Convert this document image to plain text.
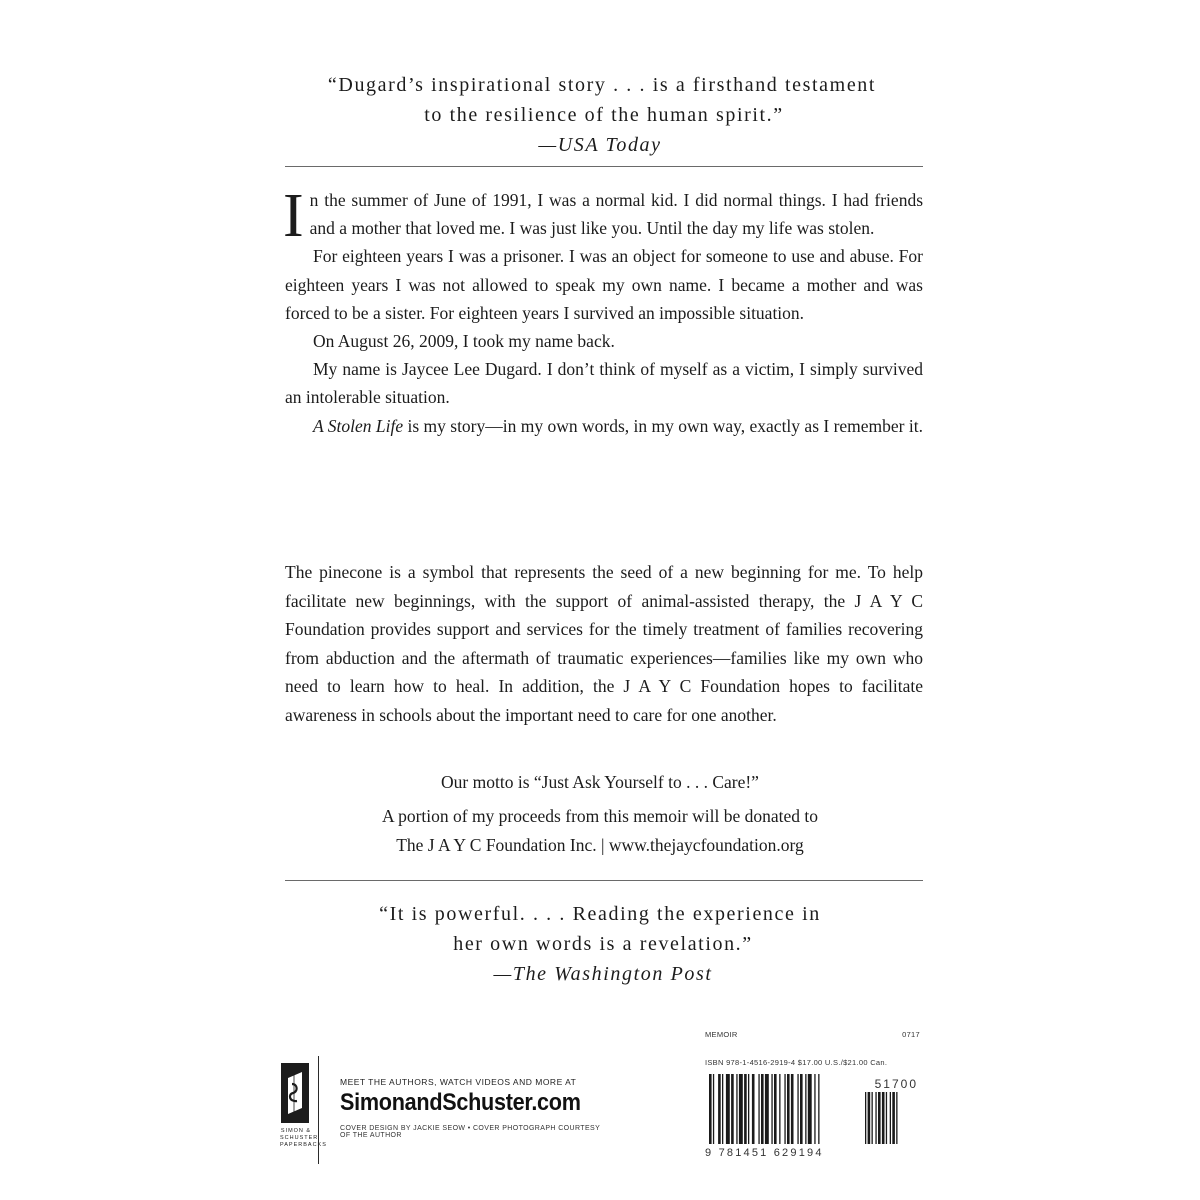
“Dugard’s inspirational story . . . is a firsthand testament
to the resilience of the human spirit.”
—USA Today

In the summer of June of 1991, I was a normal kid. I did normal things. I had friends and a mother that loved me. I was just like you. Until the day my life was stolen.

For eighteen years I was a prisoner. I was an object for someone to use and abuse. For eighteen years I was not allowed to speak my own name. I became a mother and was forced to be a sister. For eighteen years I survived an impossible situation.

On August 26, 2009, I took my name back.

My name is Jaycee Lee Dugard. I don’t think of myself as a victim, I simply survived an intolerable situation.

A Stolen Life is my story—in my own words, in my own way, exactly as I remember it.

The pinecone is a symbol that represents the seed of a new beginning for me. To help facilitate new beginnings, with the support of animal-assisted therapy, the J A Y C Foundation provides support and services for the timely treatment of families recovering from abduction and the aftermath of traumatic experiences—families like my own who need to learn how to heal. In addition, the J A Y C Foundation hopes to facilitate awareness in schools about the important need to care for one another.

Our motto is “Just Ask Yourself to . . . Care!”
A portion of my proceeds from this memoir will be donated to
The J A Y C Foundation Inc. | www.thejaycfoundation.org
“It is powerful. . . . Reading the experience in
her own words is a revelation.”
—The Washington Post
SIMON & SCHUSTER PAPERBACKS
MEET THE AUTHORS, WATCH VIDEOS AND MORE AT
SimonandSchuster.com
COVER DESIGN BY JACKIE SEOW • COVER PHOTOGRAPH COURTESY OF THE AUTHOR
MEMOIR	0717
ISBN 978-1-4516-2919-4 $17.00 U.S./$21.00 Can.
51700
9 781451 629194
